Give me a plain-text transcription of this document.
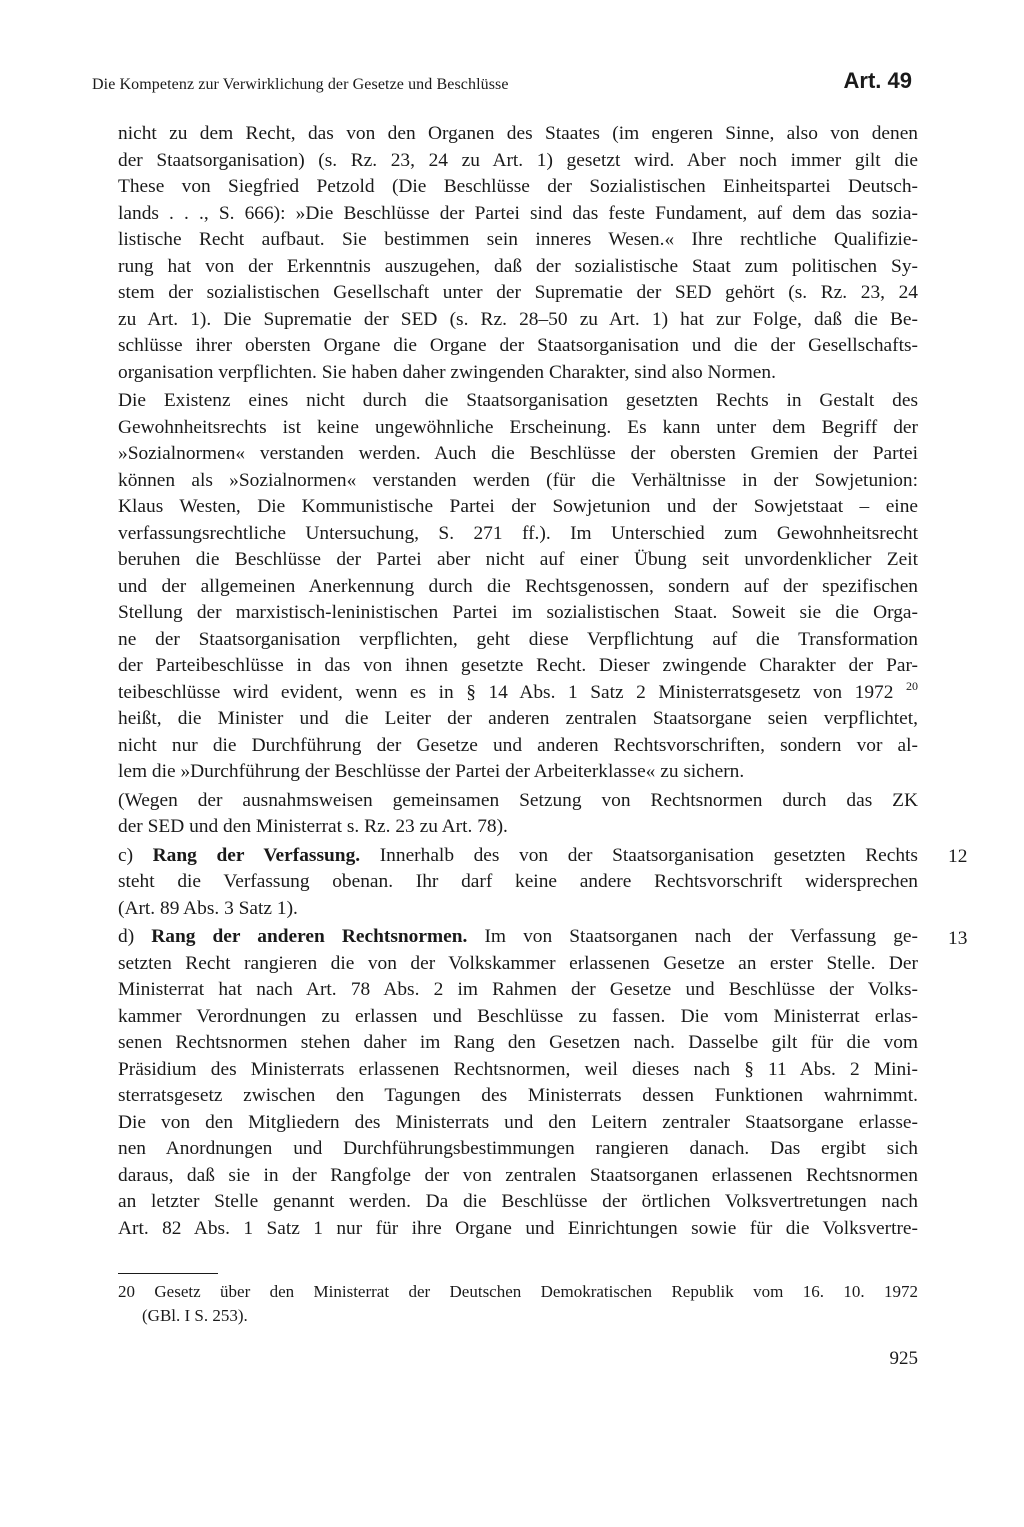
Die Kompetenz zur Verwirklichung der Gesetze und Beschlüsse	Art. 49
nicht zu dem Recht, das von den Organen des Staates (im engeren Sinne, also von denen
der Staatsorganisation) (s. Rz. 23, 24 zu Art. 1) gesetzt wird. Aber noch immer gilt die
These von Siegfried Petzold (Die Beschlüsse der Sozialistischen Einheitspartei Deutsch-
lands . . ., S. 666): »Die Beschlüsse der Partei sind das feste Fundament, auf dem das sozia-
listische Recht aufbaut. Sie bestimmen sein inneres Wesen.« Ihre rechtliche Qualifizie-
rung hat von der Erkenntnis auszugehen, daß der sozialistische Staat zum politischen Sy-
stem der sozialistischen Gesellschaft unter der Suprematie der SED gehört (s. Rz. 23, 24
zu Art. 1). Die Suprematie der SED (s. Rz. 28–50 zu Art. 1) hat zur Folge, daß die Be-
schlüsse ihrer obersten Organe die Organe der Staatsorganisation und die der Gesellschafts-
organisation verpflichten. Sie haben daher zwingenden Charakter, sind also Normen.
Die Existenz eines nicht durch die Staatsorganisation gesetzten Rechts in Gestalt des
Gewohnheitsrechts ist keine ungewöhnliche Erscheinung. Es kann unter dem Begriff der
»Sozialnormen« verstanden werden. Auch die Beschlüsse der obersten Gremien der Partei
können als »Sozialnormen« verstanden werden (für die Verhältnisse in der Sowjetunion:
Klaus Westen, Die Kommunistische Partei der Sowjetunion und der Sowjetstaat – eine
verfassungsrechtliche Untersuchung, S. 271 ff.). Im Unterschied zum Gewohnheitsrecht
beruhen die Beschlüsse der Partei aber nicht auf einer Übung seit unvordenklicher Zeit
und der allgemeinen Anerkennung durch die Rechtsgenossen, sondern auf der spezifischen
Stellung der marxistisch-leninistischen Partei im sozialistischen Staat. Soweit sie die Orga-
ne der Staatsorganisation verpflichten, geht diese Verpflichtung auf die Transformation
der Parteibeschlüsse in das von ihnen gesetzte Recht. Dieser zwingende Charakter der Par-
teibeschlüsse wird evident, wenn es in § 14 Abs. 1 Satz 2 Ministerratsgesetz von 1972 $^{20}$
heißt, die Minister und die Leiter der anderen zentralen Staatsorgane seien verpflichtet,
nicht nur die Durchführung der Gesetze und anderen Rechtsvorschriften, sondern vor al-
lem die »Durchführung der Beschlüsse der Partei der Arbeiterklasse« zu sichern.
(Wegen der ausnahmsweisen gemeinsamen Setzung von Rechtsnormen durch das ZK
der SED und den Ministerrat s. Rz. 23 zu Art. 78).
c) Rang der Verfassung. Innerhalb des von der Staatsorganisation gesetzten Rechts
steht die Verfassung obenan. Ihr darf keine andere Rechtsvorschrift widersprechen
(Art. 89 Abs. 3 Satz 1).
d) Rang der anderen Rechtsnormen. Im von Staatsorganen nach der Verfassung ge-
setzten Recht rangieren die von der Volkskammer erlassenen Gesetze an erster Stelle. Der
Ministerrat hat nach Art. 78 Abs. 2 im Rahmen der Gesetze und Beschlüsse der Volks-
kammer Verordnungen zu erlassen und Beschlüsse zu fassen. Die vom Ministerrat erlas-
senen Rechtsnormen stehen daher im Rang den Gesetzen nach. Dasselbe gilt für die vom
Präsidium des Ministerrats erlassenen Rechtsnormen, weil dieses nach § 11 Abs. 2 Mini-
sterratsgesetz zwischen den Tagungen des Ministerrats dessen Funktionen wahrnimmt.
Die von den Mitgliedern des Ministerrats und den Leitern zentraler Staatsorgane erlasse-
nen Anordnungen und Durchführungsbestimmungen rangieren danach. Das ergibt sich
daraus, daß sie in der Rangfolge der von zentralen Staatsorganen erlassenen Rechtsnormen
an letzter Stelle genannt werden. Da die Beschlüsse der örtlichen Volksvertretungen nach
Art. 82 Abs. 1 Satz 1 nur für ihre Organe und Einrichtungen sowie für die Volksvertre-
12
13
20 Gesetz über den Ministerrat der Deutschen Demokratischen Republik vom 16. 10. 1972
(GBl. I S. 253).
925
